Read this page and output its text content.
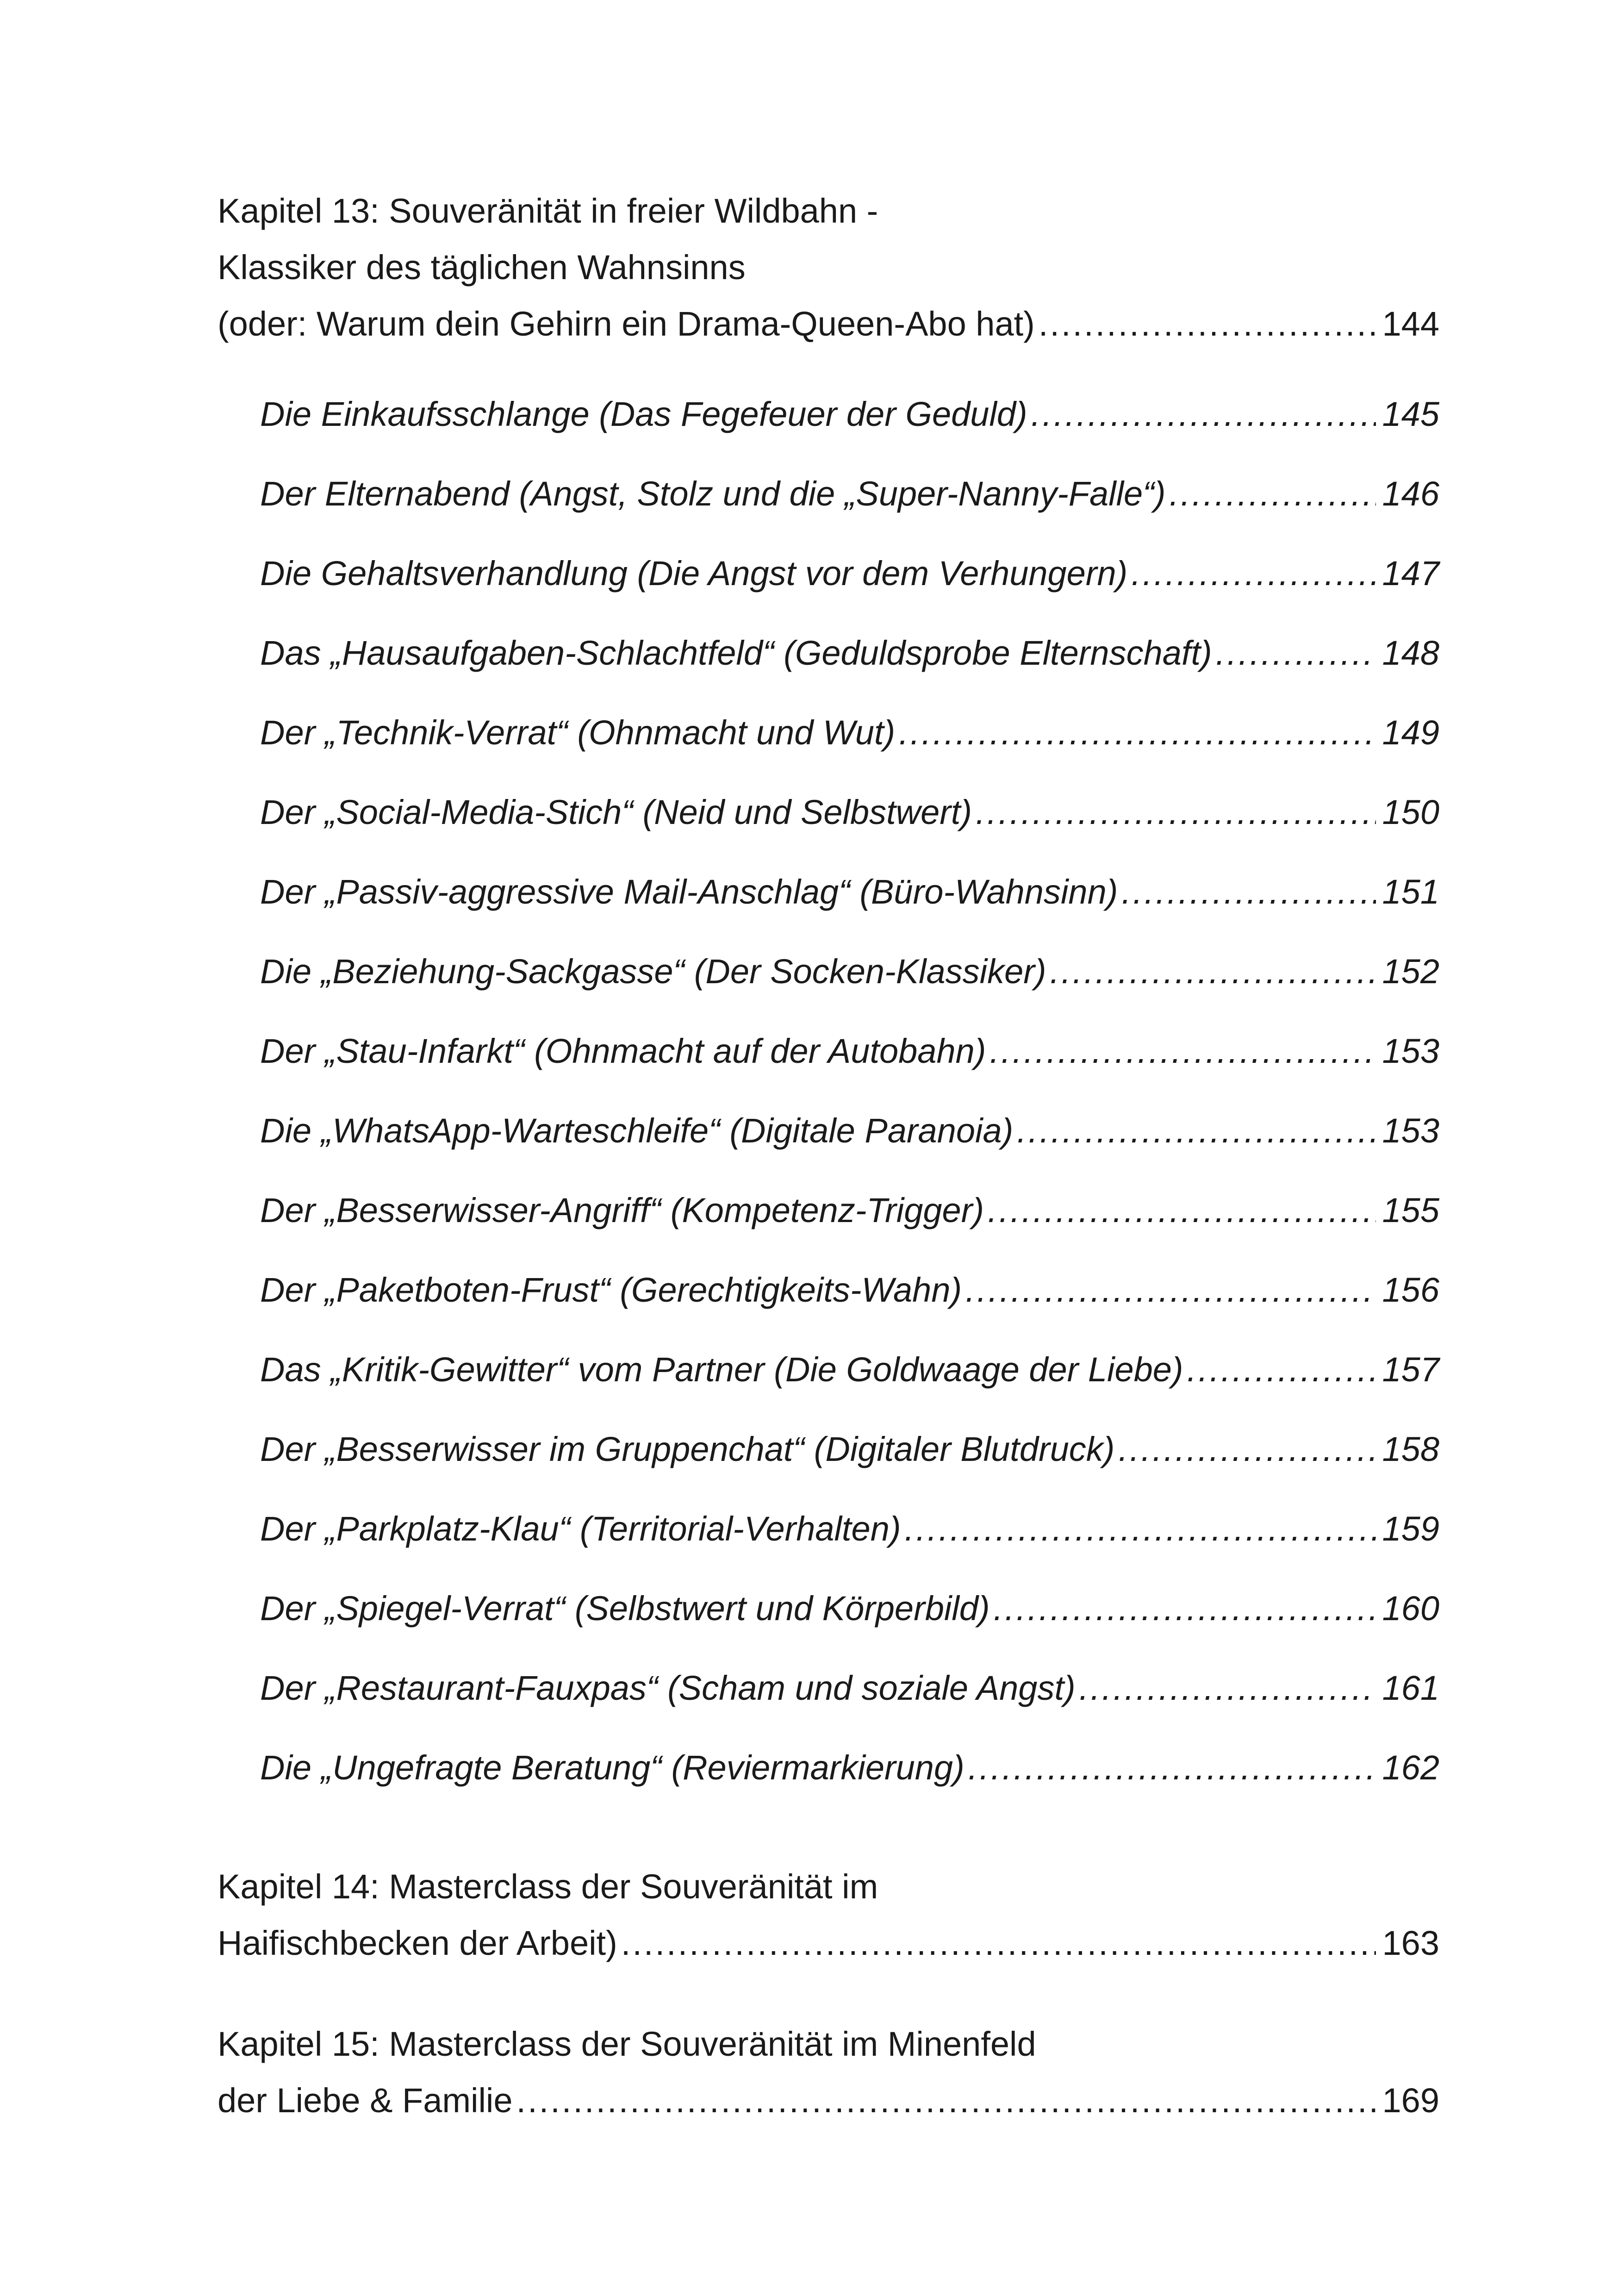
Kapitel 13: Souveränität in freier Wildbahn -
Klassiker des täglichen Wahnsinns
(oder: Warum dein Gehirn ein Drama-Queen-Abo hat) .....	144
Die Einkaufsschlange (Das Fegefeuer der Geduld) .....	145
Der Elternabend (Angst, Stolz und die „Super-Nanny-Falle“) .....	146
Die Gehaltsverhandlung (Die Angst vor dem Verhungern) .....	147
Das „Hausaufgaben-Schlachtfeld“ (Geduldsprobe Elternschaft) .....	148
Der „Technik-Verrat“ (Ohnmacht und Wut) .....	149
Der „Social-Media-Stich“ (Neid und Selbstwert) .....	150
Der „Passiv-aggressive Mail-Anschlag“ (Büro-Wahnsinn) .....	151
Die „Beziehung-Sackgasse“ (Der Socken-Klassiker) .....	152
Der „Stau-Infarkt“ (Ohnmacht auf der Autobahn) .....	153
Die „WhatsApp-Warteschleife“ (Digitale Paranoia) .....	153
Der „Besserwisser-Angriff“ (Kompetenz-Trigger) .....	155
Der „Paketboten-Frust“ (Gerechtigkeits-Wahn) .....	156
Das „Kritik-Gewitter“ vom Partner (Die Goldwaage der Liebe) .....	157
Der „Besserwisser im Gruppenchat“ (Digitaler Blutdruck) .....	158
Der „Parkplatz-Klau“ (Territorial-Verhalten) .....	159
Der „Spiegel-Verrat“ (Selbstwert und Körperbild) .....	160
Der „Restaurant-Fauxpas“ (Scham und soziale Angst) .....	161
Die „Ungefragte Beratung“ (Reviermarkierung) .....	162
Kapitel 14: Masterclass der Souveränität im
Haifischbecken der Arbeit) .....	163
Kapitel 15: Masterclass der Souveränität im Minenfeld
der Liebe & Familie .....	169
